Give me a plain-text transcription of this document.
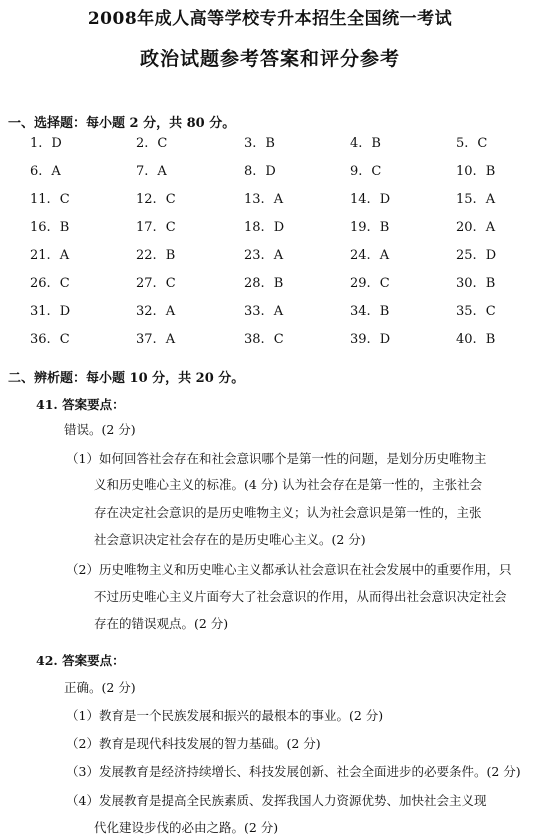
2008年成人高等学校专升本招生全国统一考试
政治试题参考答案和评分参考
一、选择题：每小题 2 分，共 80 分。
1. D	2. C	3. B	4. B	5. C
6. A	7. A	8. D	9. C	10. B
11. C	12. C	13. A	14. D	15. A
16. B	17. C	18. D	19. B	20. A
21. A	22. B	23. A	24. A	25. D
26. C	27. C	28. B	29. C	30. B
31. D	32. A	33. A	34. B	35. C
36. C	37. A	38. C	39. D	40. B
二、辨析题：每小题 10 分，共 20 分。
41. 答案要点：
错误。(2 分)
（1）如何回答社会存在和社会意识哪个是第一性的问题，是划分历史唯物主
义和历史唯心主义的标准。(4 分) 认为社会存在是第一性的，主张社会
存在决定社会意识的是历史唯物主义；认为社会意识是第一性的，主张
社会意识决定社会存在的是历史唯心主义。(2 分)
（2）历史唯物主义和历史唯心主义都承认社会意识在社会发展中的重要作用，只
不过历史唯心主义片面夸大了社会意识的作用，从而得出社会意识决定社会
存在的错误观点。(2 分)
42. 答案要点：
正确。(2 分)
（1）教育是一个民族发展和振兴的最根本的事业。(2 分)
（2）教育是现代科技发展的智力基础。(2 分)
（3）发展教育是经济持续增长、科技发展创新、社会全面进步的必要条件。(2 分)
（4）发展教育是提高全民族素质、发挥我国人力资源优势、加快社会主义现
代化建设步伐的必由之路。(2 分)
